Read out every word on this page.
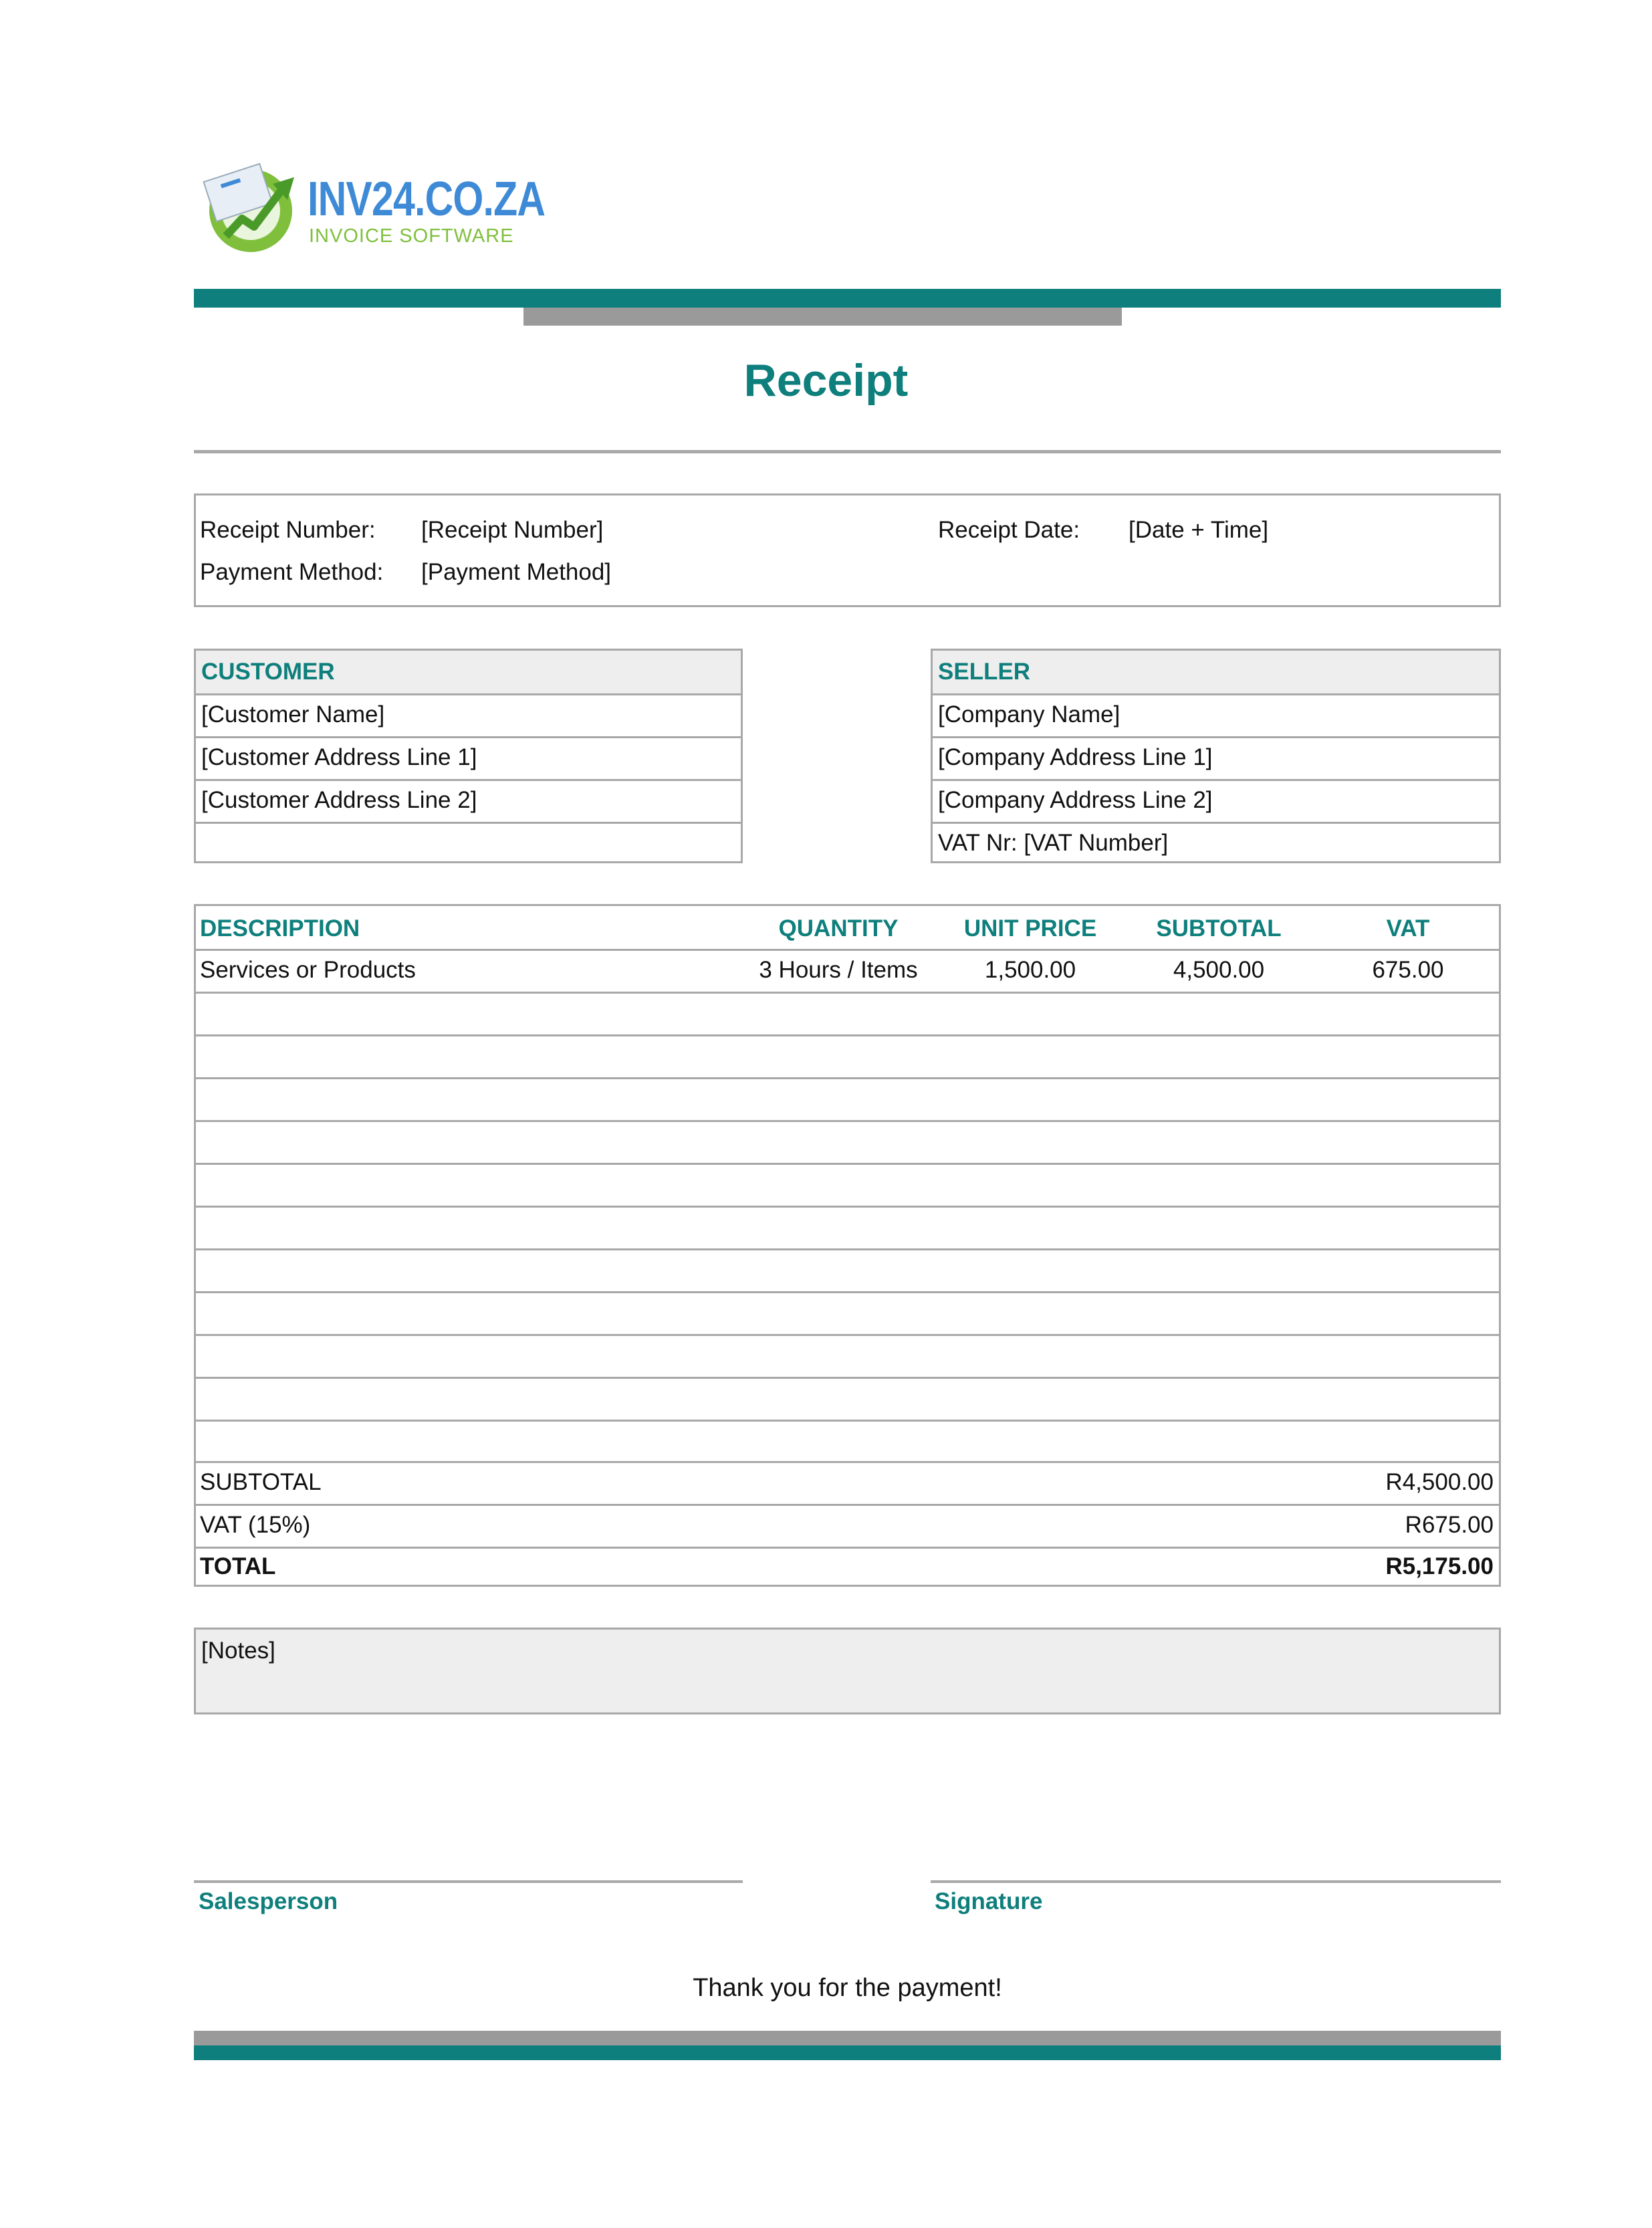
INV24.CO.ZA
INVOICE SOFTWARE
Receipt
Receipt Number: [Receipt Number]
Payment Method: [Payment Method]
Receipt Date: [Date + Time]
CUSTOMER
[Customer Name]
[Customer Address Line 1]
[Customer Address Line 2]
SELLER
[Company Name]
[Company Address Line 1]
[Company Address Line 2]
VAT Nr: [VAT Number]
DESCRIPTION	QUANTITY	UNIT PRICE	SUBTOTAL	VAT
Services or Products	3 Hours / Items	1,500.00	4,500.00	675.00
SUBTOTAL	R4,500.00
VAT (15%)	R675.00
TOTAL	R5,175.00
[Notes]
Salesperson	Signature
Thank you for the payment!
